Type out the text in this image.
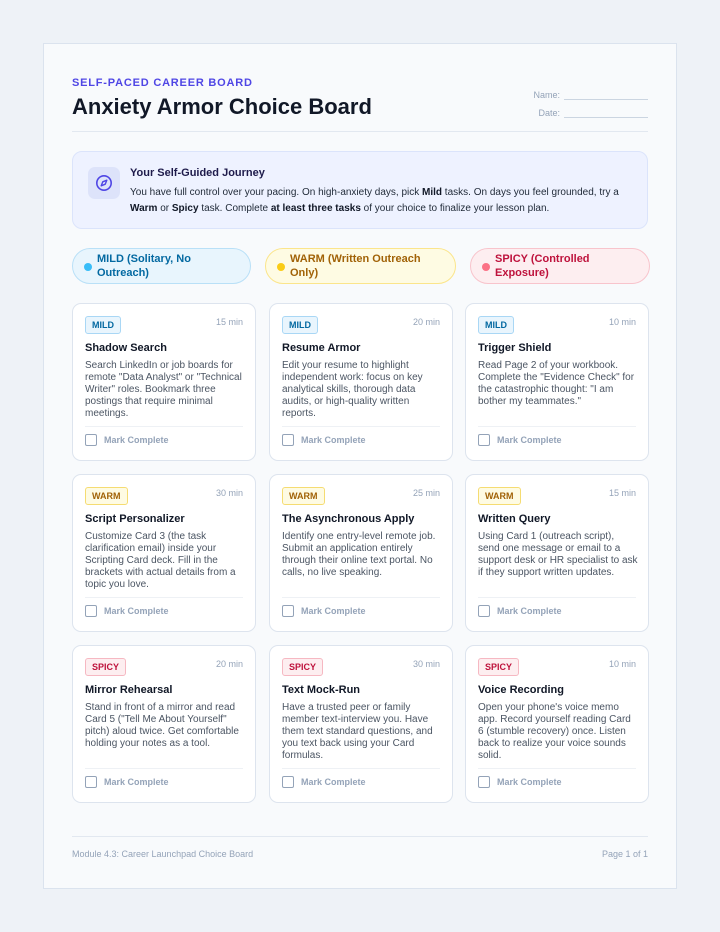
SELF-PACED CAREER BOARD
Anxiety Armor Choice Board	Name:
Date:
Your Self-Guided Journey
You have full control over your pacing. On high-anxiety days, pick Mild tasks. On days you feel grounded, try a Warm or Spicy task. Complete at least three tasks of your choice to finalize your lesson plan.
MILD (Solitary, No Outreach)
WARM (Written Outreach Only)
SPICY (Controlled Exposure)
MILD	15 min
Shadow Search
Search LinkedIn or job boards for remote "Data Analyst" or "Technical Writer" roles. Bookmark three postings that require minimal meetings.
Mark Complete
MILD	20 min
Resume Armor
Edit your resume to highlight independent work: focus on key analytical skills, thorough data audits, or high-quality written reports.
Mark Complete
MILD	10 min
Trigger Shield
Read Page 2 of your workbook. Complete the "Evidence Check" for the catastrophic thought: "I am bother my teammates."
Mark Complete
WARM	30 min
Script Personalizer
Customize Card 3 (the task clarification email) inside your Scripting Card deck. Fill in the brackets with actual details from a topic you love.
Mark Complete
WARM	25 min
The Asynchronous Apply
Identify one entry-level remote job. Submit an application entirely through their online text portal. No calls, no live speaking.
Mark Complete
WARM	15 min
Written Query
Using Card 1 (outreach script), send one message or email to a support desk or HR specialist to ask if they support written updates.
Mark Complete
SPICY	20 min
Mirror Rehearsal
Stand in front of a mirror and read Card 5 ("Tell Me About Yourself" pitch) aloud twice. Get comfortable holding your notes as a tool.
Mark Complete
SPICY	30 min
Text Mock-Run
Have a trusted peer or family member text-interview you. Have them text standard questions, and you text back using your Card formulas.
Mark Complete
SPICY	10 min
Voice Recording
Open your phone's voice memo app. Record yourself reading Card 6 (stumble recovery) once. Listen back to realize your voice sounds solid.
Mark Complete
Module 4.3: Career Launchpad Choice Board	Page 1 of 1
